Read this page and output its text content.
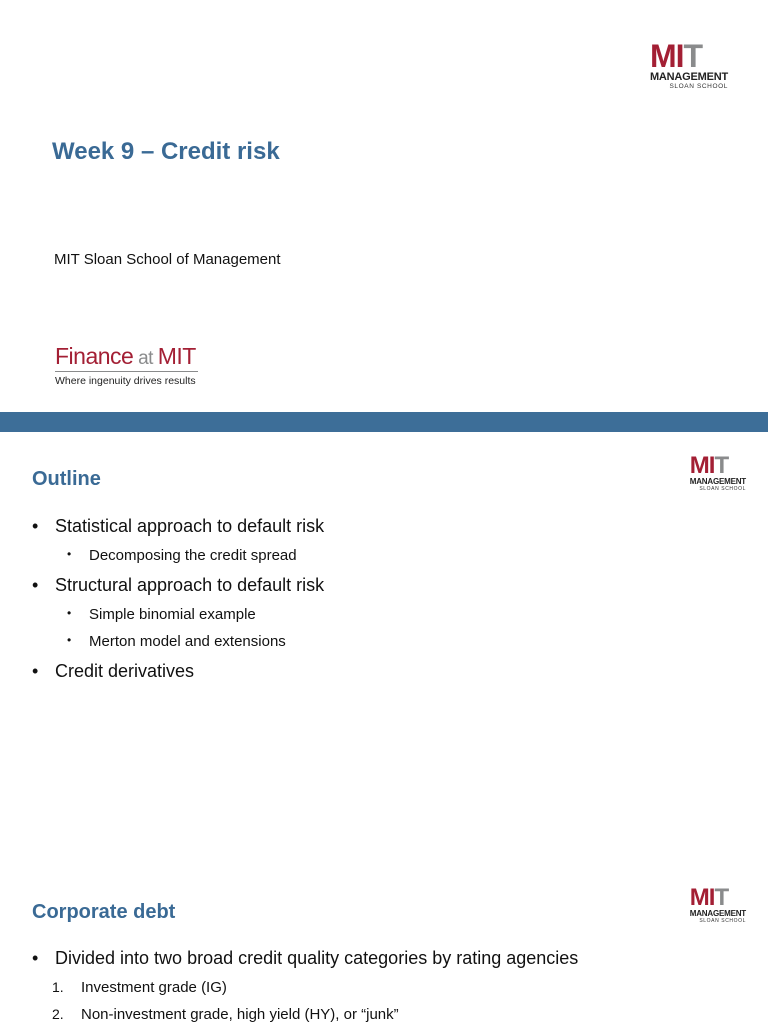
M I T
MANAGEMENT
SLOAN SCHOOL
Week 9 – Credit risk
MIT Sloan School of Management
Finance at MIT
Where ingenuity drives results
M I T
MANAGEMENT
SLOAN SCHOOL
Outline
• Statistical approach to default risk
• Decomposing the credit spread
• Structural approach to default risk
• Simple binomial example
• Merton model and extensions
• Credit derivatives
M I T
MANAGEMENT
SLOAN SCHOOL
Corporate debt
• Divided into two broad credit quality categories by rating agencies
1. Investment grade (IG)
2. Non-investment grade, high yield (HY), or “junk”
